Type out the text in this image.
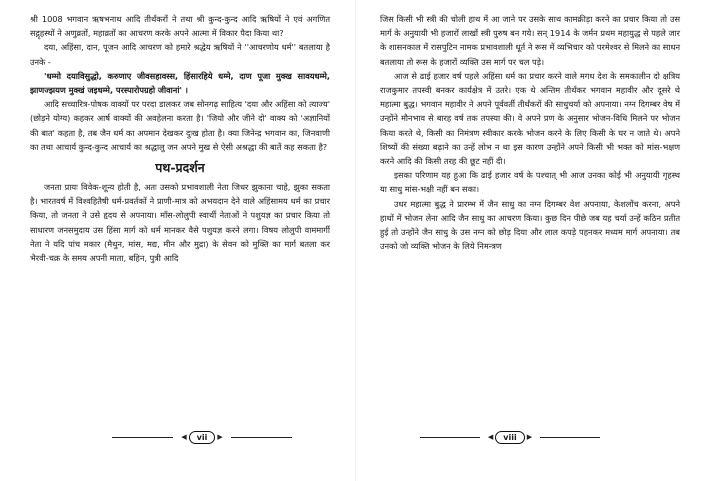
श्री 1008 भगवान ऋषभनाथ आदि तीर्थंकरों ने तथा श्री कुन्द-कुन्द आदि ऋषियों ने एवं अगणित सद्गृहस्थों ने अणुव्रतों, महाव्रतों का आचरण करके अपने आत्मा में विकार पैदा किया था?

दया, अहिंसा, दान, पूजन आदि आचरण को हमारे श्रद्धेय ऋषियों ने ''आचरणोय धर्म'' बतलाया है उनके -

'धम्मो दयाविसुद्धो, करुणाए जीवसहावस्स, हिंसारहिये धम्मे, दाण पूजा मुक्ख सावयधम्मे, झाणज्झयण मुक्खं जइधम्मे, परस्पारोपग्रहो जीवानां' ।

आदि सच्चारित्र-पोषक वाक्यों पर परदा डालकर जब सोनगढ़ साहित्य 'दया और अहिंसा को त्याज्य' (छोड़ने योग्य) कहकर आर्ष वाक्यों की अवहेलना करता है। 'जियो और जीने दो' वाक्य को 'अज्ञानियों की बात' कहता है, तब जैन धर्म का अपमान देखकर दुःख होता है। क्या जिनेन्द्र भगवान का, जिनवाणी का तथा आचार्य कुन्द-कुन्द आचार्य का श्रद्धालु जन अपने मुख से ऐसी अश्रद्धा की बातें कह सकता है?

पथ-प्रदर्शन

जनता प्रायः विवेक-शून्य होती है, अतः उसको प्रभावशाली नेता जिधर झुकाना चाहे, झुका सकता है। भारतवर्ष में विश्वहितैषी धर्म-प्रवर्तकों ने प्राणी-मात्र को अभयदान देने वाले अहिंसामय धर्म का प्रचार किया, तो जनता ने उसे हृदय से अपनाया। माँस-लोलुपी स्वार्थी नेताओं ने पशुयज्ञ का प्रचार किया तो साधारण जनसमुदाय उस हिंसा मार्ग को धर्म मानकर वैसे पशुयज्ञ करने लगा। विषय लोलुपी वाममार्गी नेता ने यदि पांच मकार (मैथुन, मांस, मद्य, मीन और मुद्रा) के सेवन को मुक्ति का मार्ग बतला कर भैरवी-चक्र के समय अपनी माता, बहिन, पुत्री आदि

◀	vii	▶

जिस किसी भी स्त्री की चोली हाथ में आ जाने पर उसके साथ कामक्रीड़ा करने का प्रचार किया तो उस मार्ग के अनुयायी भी हजारों लाखों स्त्री पुरुष बन गये। सन् 1914 के जर्मन प्रथम महायुद्ध से पहले जार के शासनकाल में रासपुटिन नामक प्रभावशाली धूर्त ने रूस में व्यभिचार को परमेश्वर से मिलने का साधन बतलाया तो रूस के हजारों व्यक्ति उस मार्ग पर चल पड़े।

आज से ढाई हजार वर्ष पहले अहिंसा धर्म का प्रचार करने वाले मगध देश के समकालीन दो क्षत्रिय राजकुमार तपस्वी बनकर कार्यक्षेत्र में उतरे। एक थे अन्तिम तीर्थंकर भगवान महावीर और दूसरे थे महात्मा बुद्ध। भगवान महावीर ने अपने पूर्ववर्ती तीर्थंकरों की साधुचर्या को अपनाया। नग्न दिगम्बर वेष में उन्होंने मौनभाव से बारह वर्ष तक तपस्या की। वे अपने प्रण के अनुसार भोजन-विधि मिलने पर भोजन किया करते थे, किसी का निमंत्रण स्वीकार करके भोजन करने के लिए किसी के घर न जाते थे। अपने शिष्यों की संख्या बढ़ाने का उन्हें लोभ न था इस कारण उन्होंने अपने किसी भी भक्त को मांस-भक्षण करने आदि की किसी तरह की छूट नहीं दी।

इसका परिणाम यह हुआ कि ढाई हजार वर्ष के पश्चात् भी आज उनका कोई भी अनुयायी गृहस्थ या साधु मांस-भक्षी नहीं बन सका।

उधर महात्मा बुद्ध ने प्रारम्भ में जैन साधु का नग्न दिगम्बर वेश अपनाया, केशलोंच करना, अपने हाथों में भोजन लेना आदि जैन साधु का आचरण किया। कुछ दिन पीछे जब यह चर्या उन्हें कठिन प्रतीत हुई तो उन्होंने जैन साधु के उस नग्न को छोड़ दिया और लाल कपड़े पहनकर मध्यम मार्ग अपनाया। तब उनको जो व्यक्ति भोजन के लिये निमन्त्रण

◀	viii	▶
